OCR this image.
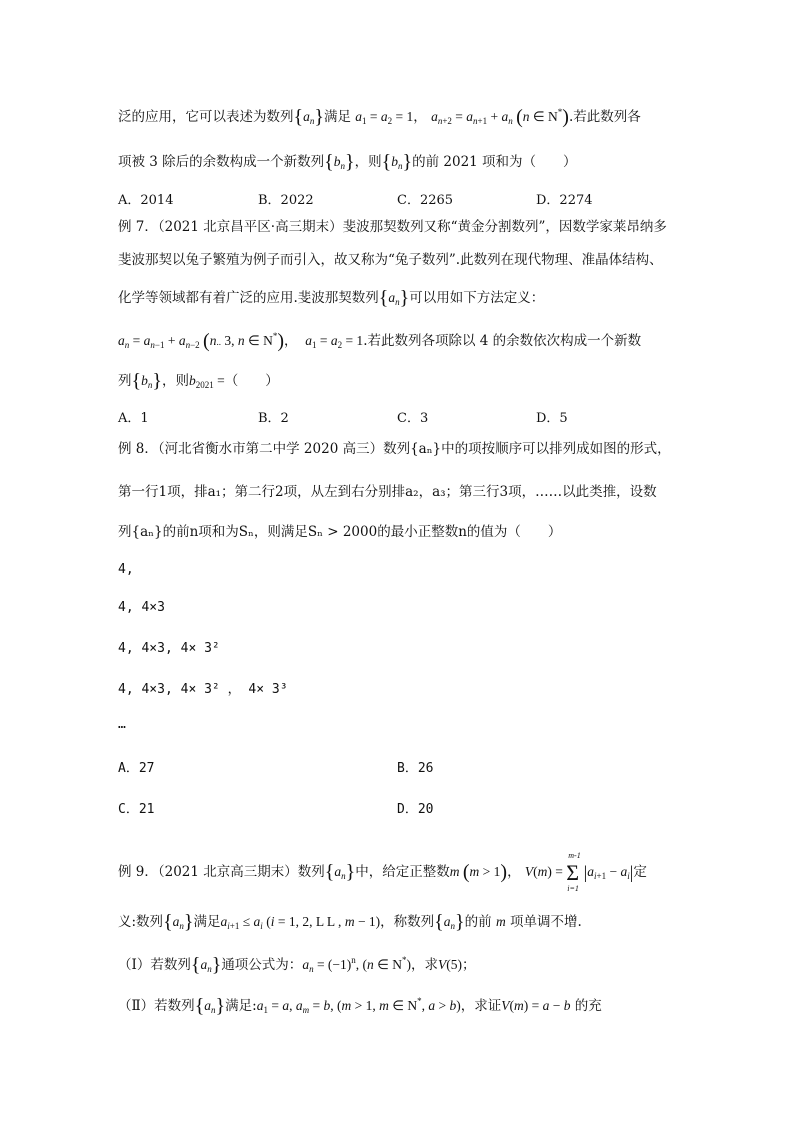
泛的应用，它可以表述为数列$\{a_n\}$满足 $a_1 = a_2 = 1$， $a_{n+2} = a_{n+1} + a_n$ (n ∈ N*).若此数列各
项被 3 除后的余数构成一个新数列$\{b_n\}$，则$\{b_n\}$的前 2021 项和为（　　）
A．2014	B．2022	C．2265	D．2274
例 7．（2021 北京昌平区·高三期末）斐波那契数列又称“黄金分割数列”，因数学家莱昂纳多
斐波那契以兔子繁殖为例子而引入，故又称为“兔子数列”.此数列在现代物理、准晶体结构、
化学等领域都有着广泛的应用.斐波那契数列$\{a_n\}$可以用如下方法定义：
$a_n = a_{n-1} + a_{n-2}$ (n.. 3, n ∈ N*)，  $a_1 = a_2 = 1$.若此数列各项除以 4 的余数依次构成一个新数
列$\{b_n\}$，则$b_{2021}$ =（　　）
A．1	B．2	C．3	D．5
例 8．（河北省衡水市第二中学 2020 高三）数列{aₙ}中的项按顺序可以排列成如图的形式，
第一行1项，排a₁；第二行2项，从左到右分别排a₂，a₃；第三行3项，……以此类推，设数
列{aₙ}的前n项和为Sₙ，则满足Sₙ > 2000的最小正整数n的值为（　　）
4,
4, 4×3
4, 4×3, 4× 3²
4, 4×3, 4× 3² ， 4× 3³
…
A．27	B．26
C．21	D．20
例 9．（2021 北京高三期末）数列$\{a_n\}$中，给定正整数m (m > 1)， V(m) = Σ
m-1
i=1
$|a_{i+1} - a_i|$定
义:数列$\{a_n\}$满足$a_{i+1} \le a_i$ (i = 1, 2, L L , m − 1)，称数列$\{a_n\}$的前 m 项单调不增.
（Ⅰ）若数列$\{a_n\}$通项公式为：$a_n = (-1)^n$, (n ∈ N*)，求V(5)；
（Ⅱ）若数列$\{a_n\}$满足$:a_1 = a$, $a_m = b$, (m > 1, m ∈ N*, a > b)，求证V(m) = a − b 的充
